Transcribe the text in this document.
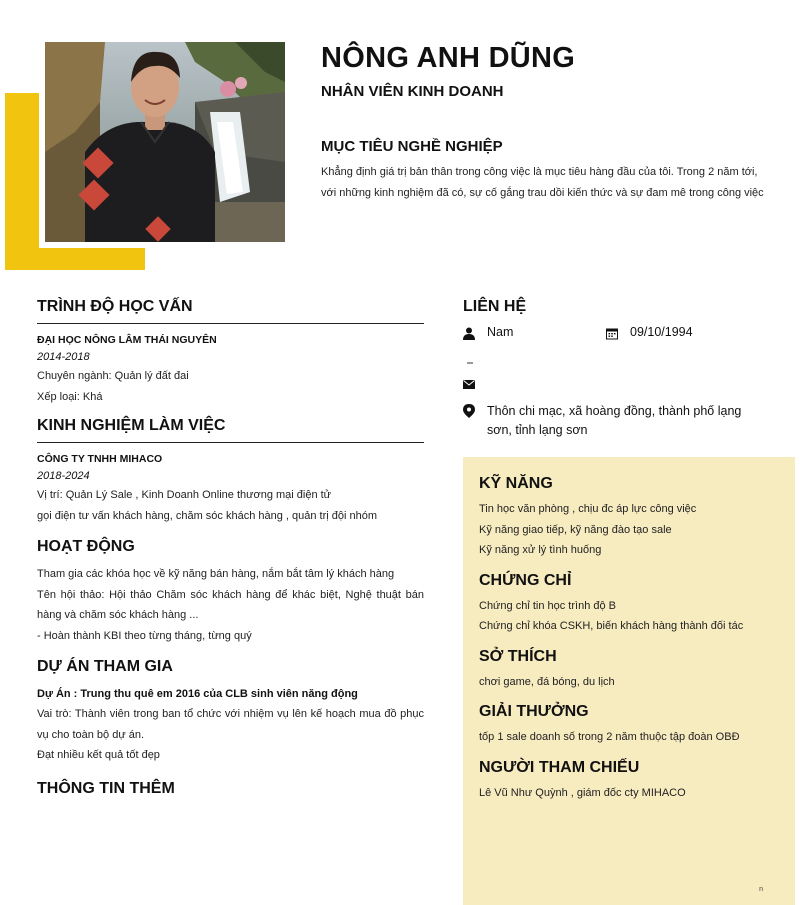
NÔNG ANH DŨNG
NHÂN VIÊN KINH DOANH
MỤC TIÊU NGHỀ NGHIỆP
Khẳng định giá trị bản thân trong công việc là mục tiêu hàng đầu của tôi. Trong 2 năm tới, với những kinh nghiệm đã có, sự cố gắng trau dồi kiến thức và sự đam mê trong công việc
TRÌNH ĐỘ HỌC VẤN
ĐẠI HỌC NÔNG LÂM THÁI NGUYÊN
2014-2018
Chuyên ngành: Quản lý đất đai
Xếp loại: Khá
KINH NGHIỆM LÀM VIỆC
CÔNG TY TNHH MIHACO
2018-2024
Vị trí: Quản Lý Sale , Kinh Doanh Online thương mại điện tử
gọi điện tư vấn khách hàng, chăm sóc khách hàng , quản trị đội nhóm
HOẠT ĐỘNG
Tham gia các khóa học về kỹ năng bán hàng, nắm bắt tâm lý khách hàng
Tên hội thảo: Hội thảo Chăm sóc khách hàng để khác biệt, Nghệ thuật bán hàng và chăm sóc khách hàng ...
- Hoàn thành KBI theo từng tháng, từng quý
DỰ ÁN THAM GIA
Dự Án : Trung thu quê em 2016 của CLB sinh viên năng động
Vai trò: Thành viên trong ban tổ chức với nhiệm vụ lên kế hoạch mua đồ phục vụ cho toàn bộ dự án.
Đạt nhiều kết quả tốt đẹp
THÔNG TIN THÊM
LIÊN HỆ
Nam	09/10/1994
Thôn chi mạc, xã hoàng đồng, thành phố lạng sơn, tỉnh lạng sơn
KỸ NĂNG
Tin học văn phòng , chịu đc áp lực công việc
Kỹ năng giao tiếp, kỹ năng đào tạo sale
Kỹ năng xử lý tình huống
CHỨNG CHỈ
Chứng chỉ tin học trình độ B
Chứng chỉ khóa CSKH, biến khách hàng thành đối tác
SỞ THÍCH
chơi game, đá bóng, du lịch
GIẢI THƯỞNG
tốp 1 sale doanh số trong 2 năm thuộc tập đoàn OBĐ
NGƯỜI THAM CHIẾU
Lê Vũ Như Quỳnh , giám đốc cty MIHACO
n
